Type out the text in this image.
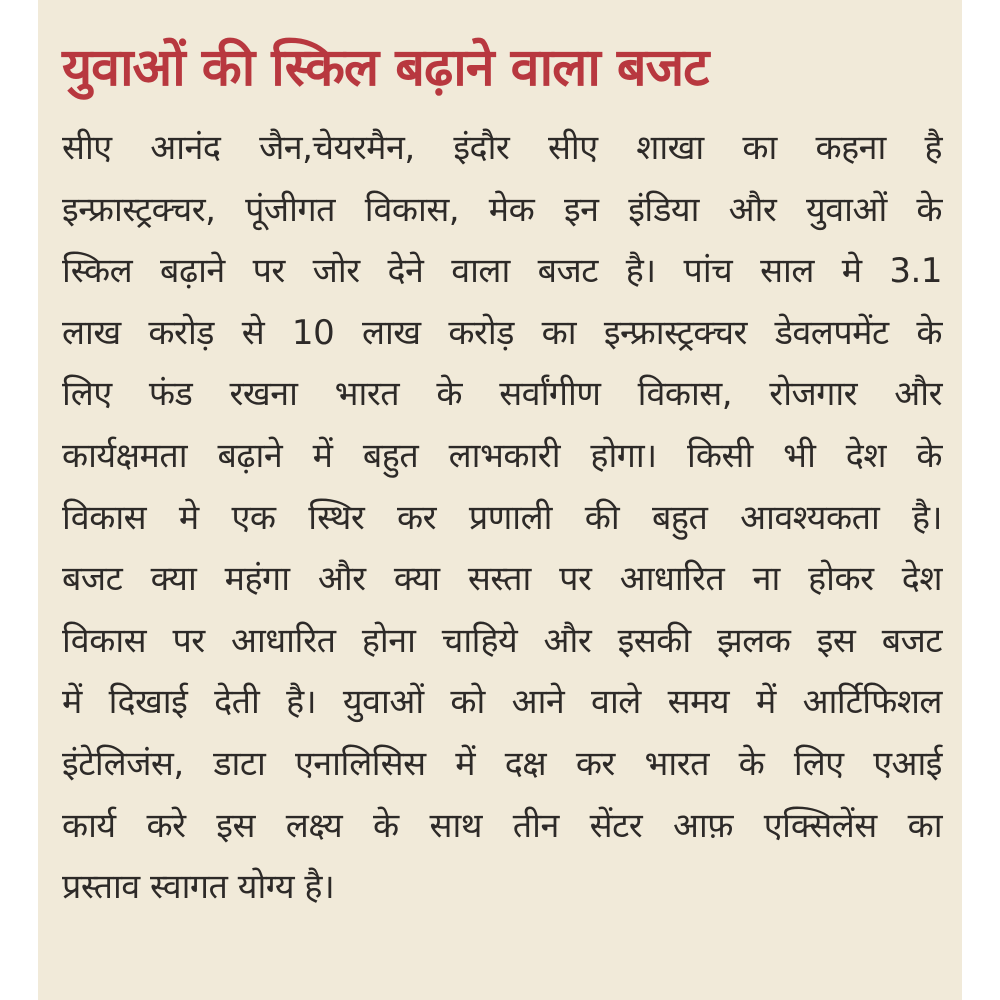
युवाओं की स्किल बढ़ाने वाला बजट
सीए आनंद जैन,चेयरमैन, इंदौर सीए शाखा का कहना है
इन्फ्रास्ट्रक्चर, पूंजीगत विकास, मेक इन इंडिया और युवाओं के
स्किल बढ़ाने पर जोर देने वाला बजट है। पांच साल मे 3.1
लाख करोड़ से 10 लाख करोड़ का इन्फ्रास्ट्रक्चर डेवलपमेंट के
लिए फंड रखना भारत के सर्वांगीण विकास, रोजगार और
कार्यक्षमता बढ़ाने में बहुत लाभकारी होगा। किसी भी देश के
विकास मे एक स्थिर कर प्रणाली की बहुत आवश्यकता है।
बजट क्या महंगा और क्या सस्ता पर आधारित ना होकर देश
विकास पर आधारित होना चाहिये और इसकी झलक इस बजट
में दिखाई देती है। युवाओं को आने वाले समय में आर्टिफिशल
इंटेलिजंस, डाटा एनालिसिस में दक्ष कर भारत के लिए एआई
कार्य करे इस लक्ष्य के साथ तीन सेंटर आफ़ एक्सिलेंस का
प्रस्ताव स्वागत योग्य है।
